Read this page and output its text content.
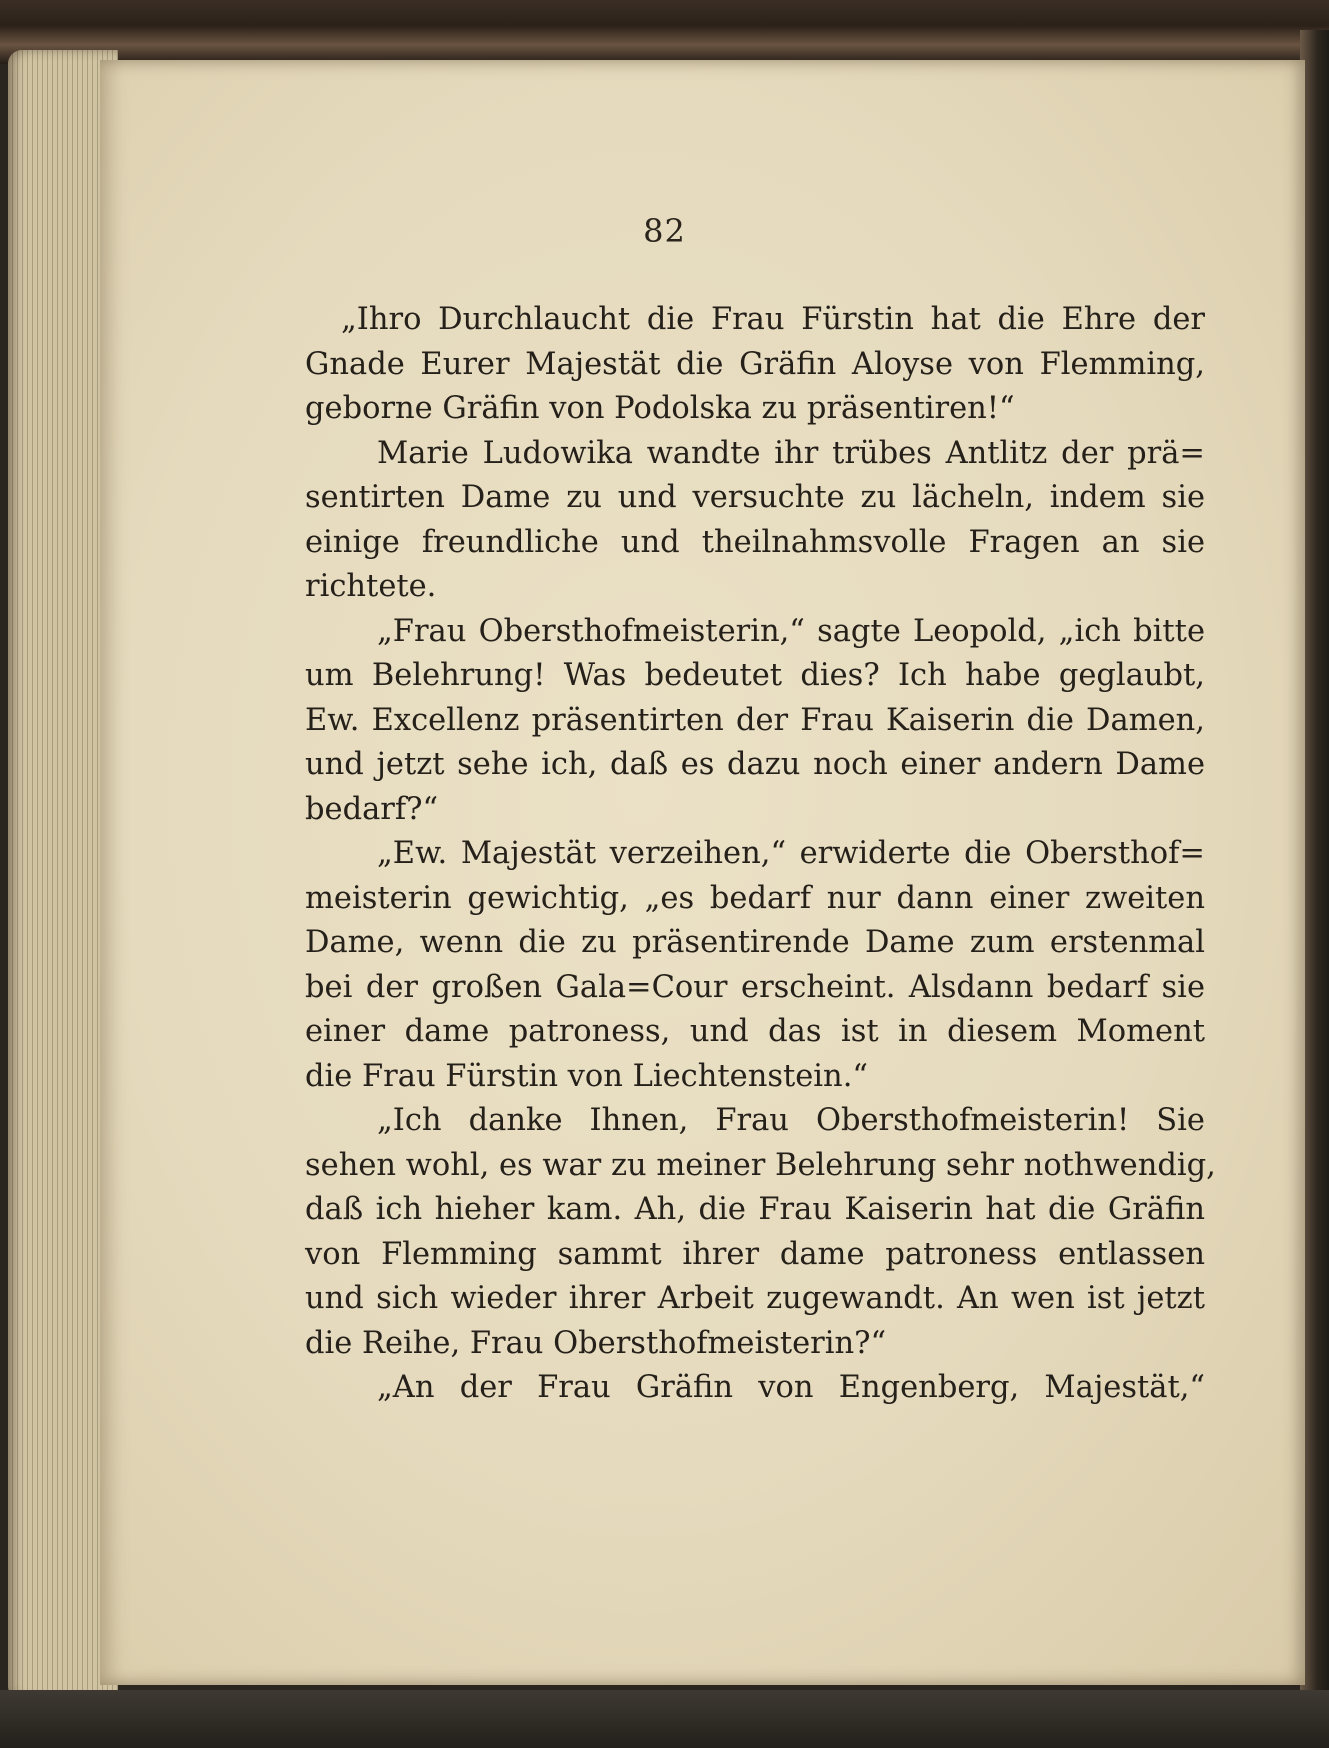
82
„Ihro Durchlaucht die Frau Fürstin hat die Ehre der
Gnade Eurer Majestät die Gräfin Aloyse von Flemming,
geborne Gräfin von Podolska zu präsentiren!“
Marie Ludowika wandte ihr trübes Antlitz der prä=
sentirten Dame zu und versuchte zu lächeln, indem sie
einige freundliche und theilnahmsvolle Fragen an sie
richtete.
„Frau Obersthofmeisterin,“ sagte Leopold, „ich bitte
um Belehrung! Was bedeutet dies? Ich habe geglaubt,
Ew. Excellenz präsentirten der Frau Kaiserin die Damen,
und jetzt sehe ich, daß es dazu noch einer andern Dame
bedarf?“
„Ew. Majestät verzeihen,“ erwiderte die Obersthof=
meisterin gewichtig, „es bedarf nur dann einer zweiten
Dame, wenn die zu präsentirende Dame zum erstenmal
bei der großen Gala=Cour erscheint. Alsdann bedarf sie
einer dame patroness, und das ist in diesem Moment
die Frau Fürstin von Liechtenstein.“
„Ich danke Ihnen, Frau Obersthofmeisterin! Sie
sehen wohl, es war zu meiner Belehrung sehr nothwendig,
daß ich hieher kam. Ah, die Frau Kaiserin hat die Gräfin
von Flemming sammt ihrer dame patroness entlassen
und sich wieder ihrer Arbeit zugewandt. An wen ist jetzt
die Reihe, Frau Obersthofmeisterin?“
„An der Frau Gräfin von Engenberg, Majestät,“
